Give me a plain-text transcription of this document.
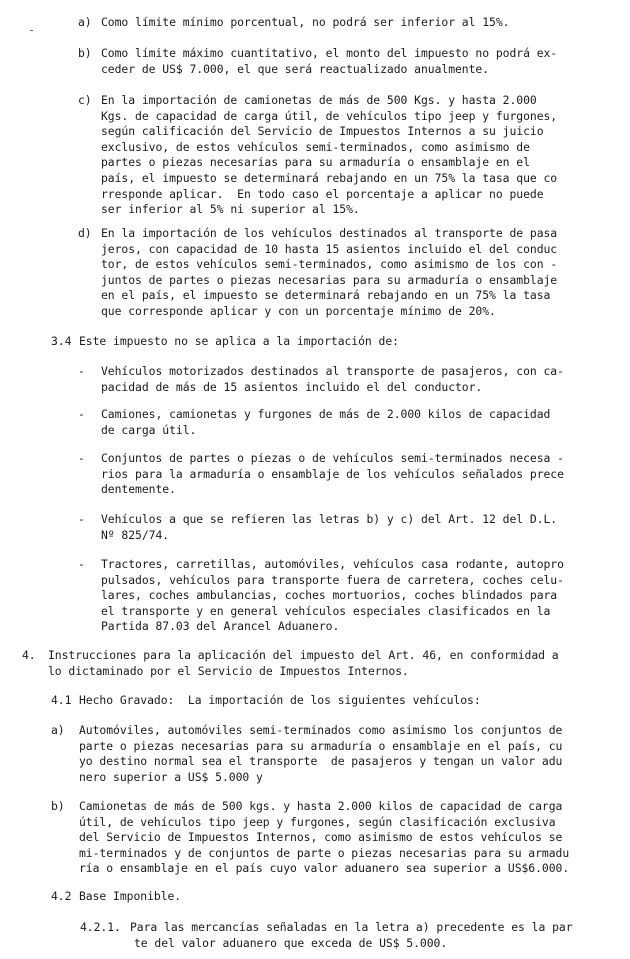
a) Como límite mínimo porcentual, no podrá ser inferior al 15%.
b) Como límite máximo cuantitativo, el monto del impuesto no podrá ex-
ceder de US$ 7.000, el que será reactualizado anualmente.
c) En la importación de camionetas de más de 500 Kgs. y hasta 2.000
Kgs. de capacidad de carga útil, de vehículos tipo jeep y furgones,
según calificación del Servicio de Impuestos Internos a su juicio
exclusivo, de estos vehículos semi-terminados, como asimismo de
partes o piezas necesarias para su armaduría o ensamblaje en el
país, el impuesto se determinará rebajando en un 75% la tasa que co
rresponde aplicar.  En todo caso el porcentaje a aplicar no puede
ser inferior al 5% ni superior al 15%.
d) En la importación de los vehículos destinados al transporte de pasa
jeros, con capacidad de 10 hasta 15 asientos incluido el del conduc
tor, de estos vehículos semi-terminados, como asimismo de los con -
juntos de partes o piezas necesarias para su armaduría o ensamblaje
en el país, el impuesto se determinará rebajando en un 75% la tasa
que corresponde aplicar y con un porcentaje mínimo de 20%.
3.4 Este impuesto no se aplica a la importación de:
- Vehículos motorizados destinados al transporte de pasajeros, con ca-
pacidad de más de 15 asientos incluido el del conductor.
- Camiones, camionetas y furgones de más de 2.000 kilos de capacidad
de carga útil.
- Conjuntos de partes o piezas o de vehículos semi-terminados necesa -
rios para la armaduría o ensamblaje de los vehículos señalados prece
dentemente.
- Vehículos a que se refieren las letras b) y c) del Art. 12 del D.L.
Nº 825/74.
- Tractores, carretillas, automóviles, vehículos casa rodante, autopro
pulsados, vehículos para transporte fuera de carretera, coches celu-
lares, coches ambulancias, coches mortuorios, coches blindados para
el transporte y en general vehículos especiales clasificados en la
Partida 87.03 del Arancel Aduanero.
4. Instrucciones para la aplicación del impuesto del Art. 46, en conformidad a
lo dictaminado por el Servicio de Impuestos Internos.
4.1 Hecho Gravado:  La importación de los siguientes vehículos:
a) Automóviles, automóviles semi-terminados como asimismo los conjuntos de
parte o piezas necesarias para su armaduría o ensamblaje en el país, cu
yo destino normal sea el transporte  de pasajeros y tengan un valor adu
nero superior a US$ 5.000 y
b) Camionetas de más de 500 kgs. y hasta 2.000 kilos de capacidad de carga
útil, de vehículos tipo jeep y furgones, según clasificación exclusiva
del Servicio de Impuestos Internos, como asimismo de estos vehículos se
mi-terminados y de conjuntos de parte o piezas necesarias para su armadu
ría o ensamblaje en el país cuyo valor aduanero sea superior a US$6.000.
4.2 Base Imponible.
4.2.1. Para las mercancías señaladas en la letra a) precedente es la par
te del valor aduanero que exceda de US$ 5.000.
